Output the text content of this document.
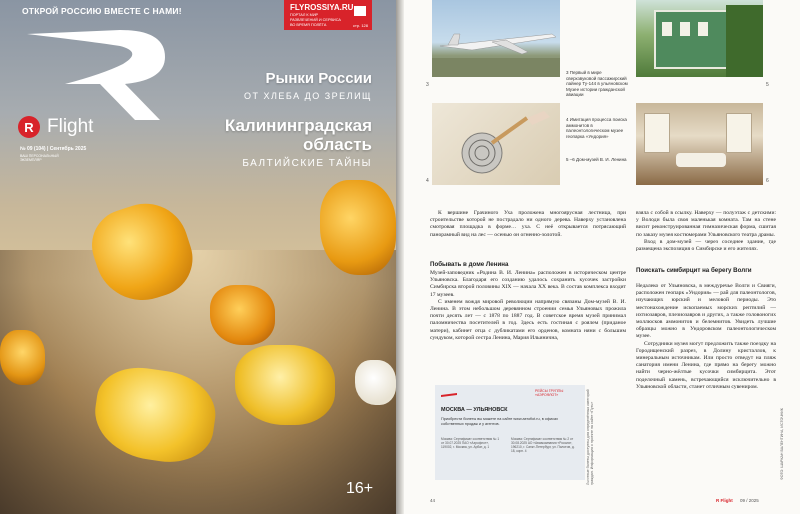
ОТКРОЙ РОССИЮ ВМЕСТЕ С НАМИ!	FLYROSSIYA.RU
ПОРТАЛ К МИР РАЗВЛЕЧЕНИЙ И СЕРВИСА ВО ВРЕМЯ ПОЛЁТА	стр. 128
R Flight
№ 09 (104) | Сентябрь 2025
ВАШ ПЕРСОНАЛЬНЫЙ ЭКЗЕМПЛЯР
Рынки России
ОТ ХЛЕБА ДО ЗРЕЛИЩ
Калининградская
область
БАЛТИЙСКИЕ ТАЙНЫ
16+
3
4	6
5
3 Первый в мире сверхзвуковой пассажирский лайнер Ту-144 в ульяновском Музее истории гражданской авиации
4 Имитация процесса поиска аммонитов в палеонтологическом музее геопарка «Ундория»
5 –6 Дом-музей В. И. Ленина

К вершине Грачиного Уха проложена многоярусная лестница, при строительстве которой не пострадало ни одного дерева. Наверху установлена смотровая площадка в форме… уха. С неё открывается потрясающий панорамный вид на лес — осенью он огненно-золотой.

Побывать в доме Ленина

Музей-заповедник «Родина В. И. Ленина» расположен в историческом центре Ульяновска. Благодаря его созданию удалось сохранить кусочек застройки Симбирска второй половины XIX — начала XX века. В состав комплекса входит 17 музеев.

С именем вождя мировой революции напрямую связаны Дом-музей В. И. Ленина. В этом небольшом деревянном строении семья Ульяновых прожила почти десять лет — с 1878 по 1887 год. В советское время музей принимал паломничества посетителей в год. Здесь есть гостиная с роялем (приданое матери), кабинет отца с дубликатами его орденов, комната няни с большим сундуком, которой сестра Ленина, Мария Ильинична,

РЕЙСЫ ГРУППЫ «АЭРОФЛОТ»
МОСКВА — УЛЬЯНОВСК
Приобрести билеты вы можете на сайте www.aeroflot.ru, в офисах собственных продаж и у агентов.
Москва: Сертификат соответствия № 1 от 30.07.2025 ПАО «Аэрофлот», 119002, г. Москва, ул. Арбат, д. 1
Москва: Сертификат соответствия № 2 от 30.08.2025 АО «Авиакомпания «Россия», 196210, г. Санкт-Петербург, ул. Пилотов, д. 18, корп. 4	Льготные билеты доступны для определённых категорий граждан. Информация о проекте на сайте «Путь»

взяла с собой в ссылку. Наверху — полуэтаж с детскими: у Володи была своя маленькая комната. Там на стене висит реконструированная гимназическая форма, сшитая по заказу музея костюмерами Ульяновского театра драмы.

Вход в дом-музей — через соседнее здание, где размещена экспозиция о Симбирске и его жителях.

Поискать симбирцит на берегу Волги

Недалеко от Ульяновска, в междуречье Волги и Свияги, расположен геопарк «Ундория» — рай для палеонтологов, изучающих юрский и меловой периоды. Это местонахождение ископаемых морских рептилий — ихтиозавров, плезиозавров и других, а также головоногих моллюсков аммонитов и белемнитов. Увидеть лучшие образцы можно в Ундоровском палеонтологическом музее.

Сотрудники музея могут предложить также поездку на Городищенский разрез, в Долину кристаллов, к минеральным источникам. Или просто отведут на пляж санатория имени Ленина, где прямо на берегу можно найти черно-жёлтые кусочки симбирцита. Этот поделочный камень, встречающийся исключительно в Ульяновской области, станет отличным сувениром.

ФОТО: ШАРКАН ВАЛЕНТИНА, ИСТОЧНИК
44	R Flight 09 / 2025
